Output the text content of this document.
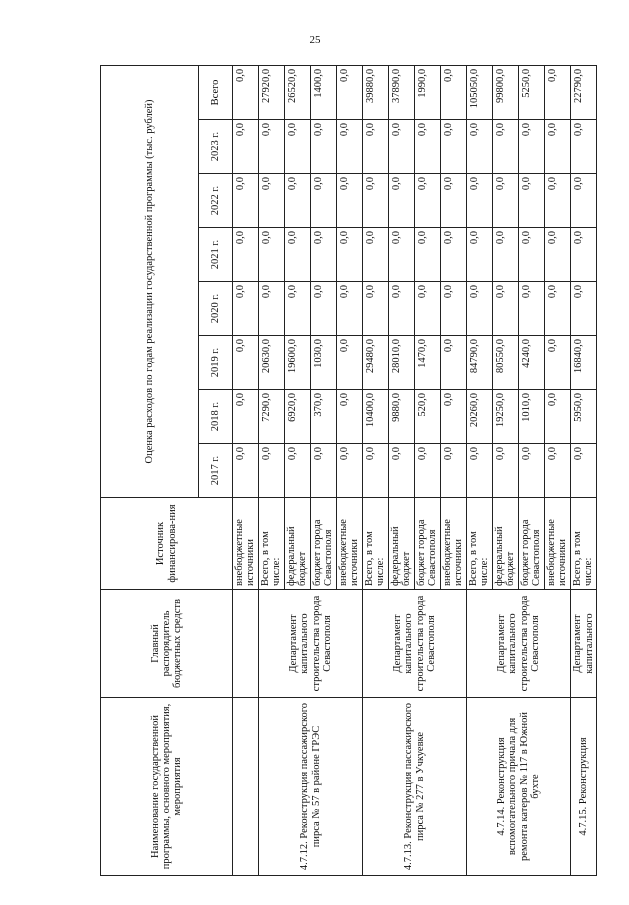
25
Наименование государственной программы, основного мероприятия, мероприятия	Главный распорядитель бюджетных средств	Источник финансирова-ния	Оценка расходов по годам реализации государственной программы (тыс. рублей)							
			2017 г.	2018 г.	2019 г.	2020 г.	2021 г.	2022 г.	2023 г.	Всего
		внебюджетные источники	0,0	0,0	0,0	0,0	0,0	0,0	0,0	0,0
4.7.12. Реконструкция пассажирского пирса № 57 в районе ГРЭС	Департамент капитального строительства города Севастополя	Всего, в том числе:	0,0	7290,0	20630,0	0,0	0,0	0,0	0,0	27920,0
		федеральный бюджет	0,0	6920,0	19600,0	0,0	0,0	0,0	0,0	26520,0
		бюджет города Севастополя	0,0	370,0	1030,0	0,0	0,0	0,0	0,0	1400,0
		внебюджетные источники	0,0	0,0	0,0	0,0	0,0	0,0	0,0	0,0
4.7.13. Реконструкция пассажирского пирса № 277 в Учкуевке	Департамент капитального строительства города Севастополя	Всего, в том числе:	0,0	10400,0	29480,0	0,0	0,0	0,0	0,0	39880,0
		федеральный бюджет	0,0	9880,0	28010,0	0,0	0,0	0,0	0,0	37890,0
		бюджет города Севастополя	0,0	520,0	1470,0	0,0	0,0	0,0	0,0	1990,0
		внебюджетные источники	0,0	0,0	0,0	0,0	0,0	0,0	0,0	0,0
4.7.14. Реконструкция вспомогательного причала для ремонта катеров № 117 в Южной бухте	Департамент капитального строительства города Севастополя	Всего, в том числе:	0,0	20260,0	84790,0	0,0	0,0	0,0	0,0	105050,0
		федеральный бюджет	0,0	19250,0	80550,0	0,0	0,0	0,0	0,0	99800,0
		бюджет города Севастополя	0,0	1010,0	4240,0	0,0	0,0	0,0	0,0	5250,0
		внебюджетные источники	0,0	0,0	0,0	0,0	0,0	0,0	0,0	0,0
4.7.15. Реконструкция	Департамент капитального	Всего, в том числе:	0,0	5950,0	16840,0	0,0	0,0	0,0	0,0	22790,0
